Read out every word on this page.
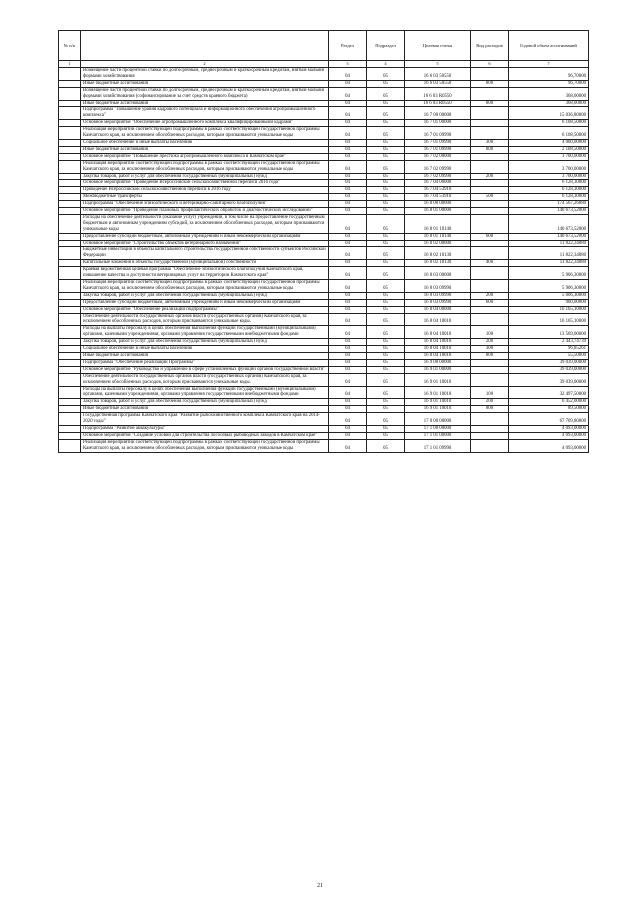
№ п/п		Раздел	Подраздел	Целевая статья	Вид расходов	Годовой объем ассигнований
1	2	3	4	5	6	7
	Возмещение части процентной ставки по долгосрочным, среднесрочным и краткосрочным кредитам, взятым малыми формами хозяйствования	04	05	16 6 03 50550		96,70000
	Иные бюджетные ассигнования	04	05	16 6 03 50550	800	96,70000
	Возмещение части процентной ставки по долгосрочным, среднесрочным и краткосрочным кредитам, взятым малыми формами хозяйствования (софинансирование за счет средств краевого бюджета)	04	05	16 6 03 R0550		368,00000
	Иные бюджетные ассигнования	04	05	16 6 03 R0550	800	368,00000
	Подпрограмма "Повышение уровня кадрового потенциала и информационного обеспечения агропромышленного комплекса"	04	05	16 7 00 00000		15 036,80000
	Основное мероприятие "Обеспечение агропромышленного комплекса квалифицированными кадрами"	04	05	16 7 01 00000		6 108,50000
	Реализация мероприятий соответствующей подпрограммы в рамках соответствующей государственной программы Камчатского края, за исключением обособленных расходов, которым присваиваются уникальные коды	04	05	16 7 01 09990		6 108,50000
	Социальное обеспечение и иные выплаты населению	04	05	16 7 01 09990	300	4 000,00000
	Иные бюджетные ассигнования	04	05	16 7 01 09990	800	2 108,50000
	Основное мероприятие "Повышение престижа агропромышленного комплекса в Камчатском крае"	04	05	16 7 02 00000		3 700,00000
	Реализация мероприятий соответствующей подпрограммы в рамках соответствующей государственной программы Камчатского края, за исключением обособленных расходов, которым присваиваются уникальные коды	04	05	16 7 02 09990		3 700,00000
	Закупка товаров, работ и услуг для обеспечения государственных (муниципальных) нужд	04	05	16 7 02 09990	200	3 700,00000
	Основное мероприятие "Проведение Всероссийской сельскохозяйственной переписи 2016 года"	04	05	16 7 04 00000		6 128,30000
	Проведение Всероссийской сельскохозяйственной переписи в 2016 году	04	05	16 7 04 53910		6 128,30000
	Межбюджетные трансферты	04	05	16 7 04 53910	500	6 128,30000
	Подпрограмма "Обеспечение эпизоотического и ветеринарно-санитарного благополучия"	04	05	16 8 00 00000		174 567,26880
	Основное мероприятие "Проведение плановых профилактических обработок и диагностических исследований"	04	05	16 8 01 00000		140 673,52000
	Расходы на обеспечение деятельности (оказание услуг) учреждений, в том числе на предоставление государственным бюджетным и автономным учреждениям субсидий, за исключением обособленных расходов, которым присваиваются уникальные коды	04	05	16 8 01 10140		140 673,52000
	Предоставление субсидий бюджетным, автономным учреждениям и иным некоммерческим организациям	04	05	16 8 01 10140	600	140 673,52000
	Основное мероприятие "Строительство объектов ветеринарного назначения"	04	05	16 8 02 00000		11 822,34880
	Бюджетные инвестиции в объекты капитального строительства государственной собственности субъектов Российской Федерации	04	05	16 8 02 10130		11 822,34880
	Капитальные вложения в объекты государственной (муниципальной) собственности	04	05	16 8 02 10130	400	11 822,34880
	Краевая ведомственная целевая программа "Обеспечение эпизоотического благополучия Камчатского края, повышение качества и доступности ветеринарных услуг на территории Камчатского края"	04	05	16 8 03 00000		5 906,30000
	Реализация мероприятий соответствующей подпрограммы в рамках соответствующей государственной программы Камчатского края, за исключением обособленных расходов, которым присваиваются уникальные коды	04	05	16 8 03 09990		5 906,30000
	Закупка товаров, работ и услуг для обеспечения государственных (муниципальных) нужд	04	05	16 8 03 09990	200	5 006,30000
	Предоставление субсидий бюджетным, автономным учреждениям и иным некоммерческим организациям	04	05	16 8 03 09990	600	900,00000
	Основное мероприятие "Обеспечение реализации подпрограммы"	04	05	16 8 04 00000		16 165,10000
	Обеспечение деятельности государственных органов власти (государственных органов) Камчатского края, за исключением обособленных расходов, которым присваиваются уникальные коды.	04	05	16 8 04 10010		16 165,10000
	Расходы на выплаты персоналу в целях обеспечения выполнения функций государственными (муниципальными) органами, казенными учреждениями, органами управления государственными внебюджетными фондами	04	05	16 8 04 10010	100	13 569,00000
	Закупка товаров, работ и услуг для обеспечения государственных (муниципальных) нужд	04	05	16 8 04 10010	200	2 443,74739
	Социальное обеспечение и иные выплаты населению	04	05	16 8 04 10010	300	96,85261
	Иные бюджетные ассигнования	04	05	16 8 04 10010	800	55,50000
	Подпрограмма "Обеспечение реализации Программы"	04	05	16 9 00 00000		39 039,00000
	Основное мероприятие "Руководство и управление в сфере установленных функций органов государственной власти"	04	05	16 9 01 00000		39 039,00000
	Обеспечение деятельности государственных органов власти (государственных органов) Камчатского края, за исключением обособленных расходов, которым присваиваются уникальные коды.	04	05	16 9 01 10010		39 039,00000
	Расходы на выплаты персоналу в целях обеспечения выполнения функций государственными (муниципальными) органами, казенными учреждениями, органами управления государственными внебюджетными фондами	04	05	16 9 01 10010	100	32 497,50000
	Закупка товаров, работ и услуг для обеспечения государственных (муниципальных) нужд	04	05	16 9 01 10010	200	6 452,00000
	Иные бюджетные ассигнования	04	05	16 9 01 10010	800	89,50000
	Государственная программа Камчатского края "Развитие рыбохозяйственного комплекса Камчатского края на 2014-2020 годы"	04	05	17 0 00 00000		67 709,80000
	Подпрограмма "Развитие аквакультуры"	04	05	17 1 00 00000		4 093,00000
	Основное мероприятие "Создание условий для строительства лососевых рыбоводных заводов в Камчатском крае"	04	05	17 1 01 00000		4 093,00000
	Реализация мероприятий соответствующей подпрограммы в рамках соответствующей государственной программы Камчатского края, за исключением обособленных расходов, которым присваиваются уникальные коды	04	05	17 1 01 09990		4 093,00000
21
